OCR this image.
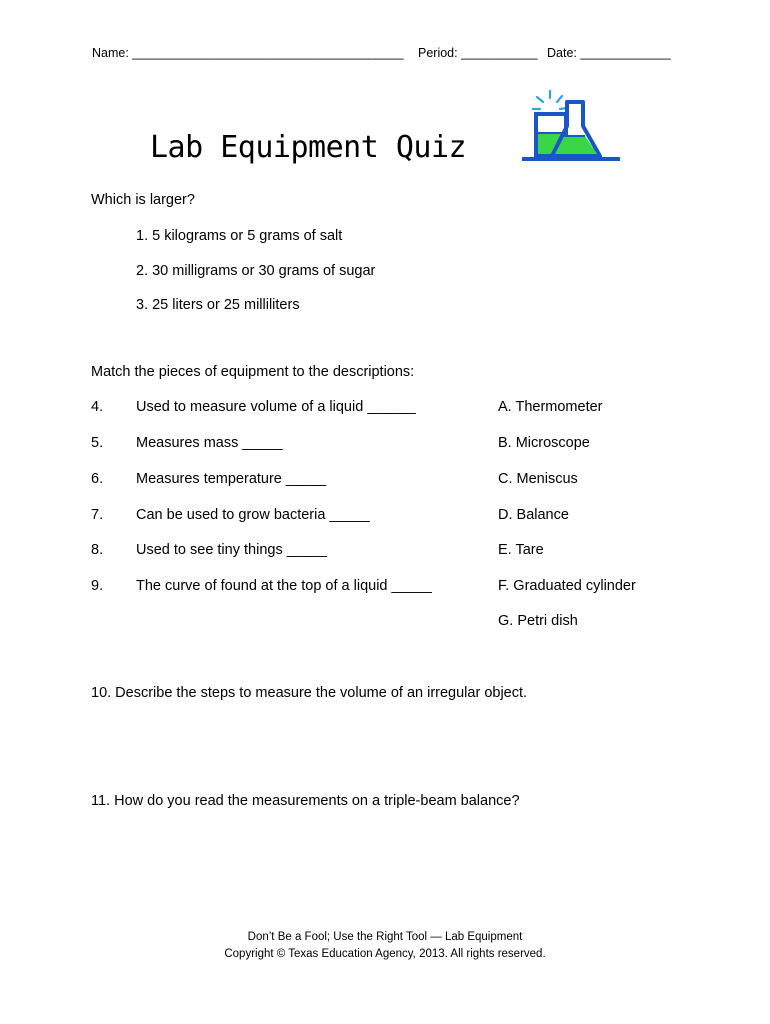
Name: _______________________________________ Period: ___________ Date: _____________
Lab Equipment Quiz
Which is larger?
1. 5 kilograms or 5 grams of salt
2. 30 milligrams or 30 grams of sugar
3. 25 liters or 25 milliliters
Match the pieces of equipment to the descriptions:
4. Used to measure volume of a liquid ______	A. Thermometer
5. Measures mass _____	B. Microscope
6. Measures temperature _____	C. Meniscus
7. Can be used to grow bacteria _____	D. Balance
8. Used to see tiny things _____	E. Tare
9. The curve of found at the top of a liquid _____	F. Graduated cylinder
G. Petri dish
10. Describe the steps to measure the volume of an irregular object.
11. How do you read the measurements on a triple-beam balance?
Don’t Be a Fool; Use the Right Tool — Lab Equipment
Copyright © Texas Education Agency, 2013. All rights reserved.
